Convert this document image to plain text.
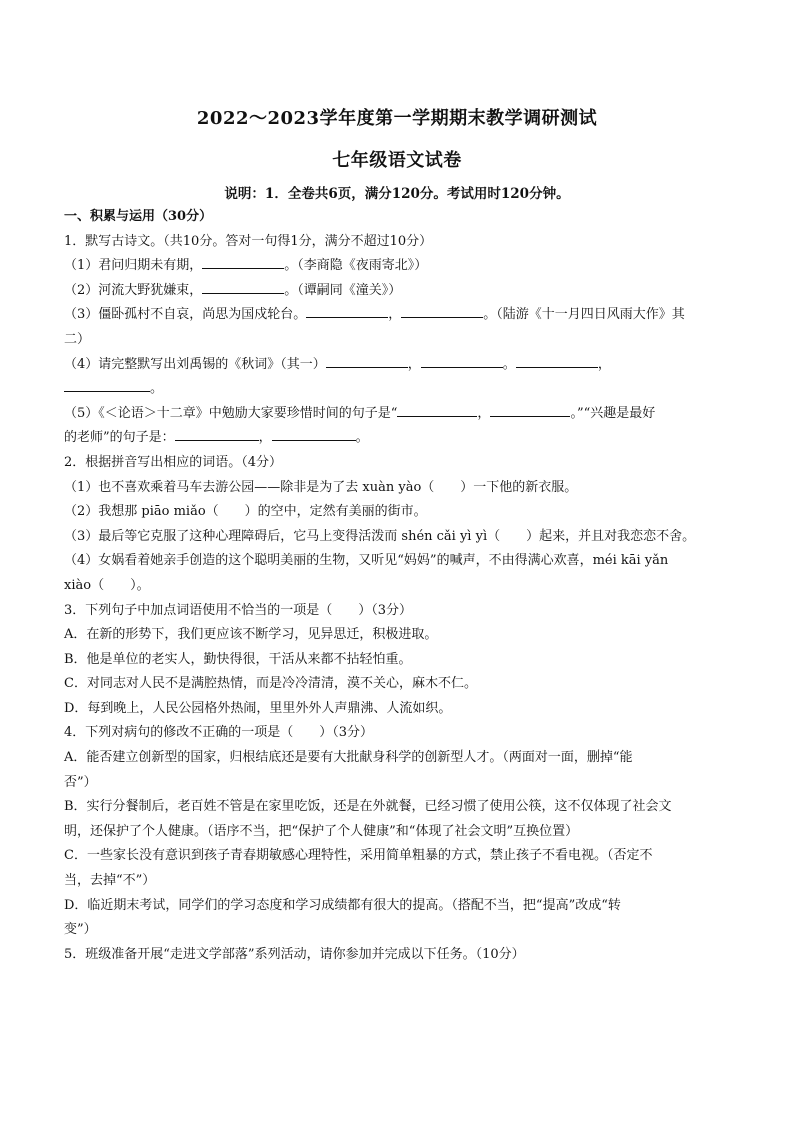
2022～2023学年度第一学期期末教学调研测试
七年级语文试卷
说明：1．全卷共6页，满分120分。考试用时120分钟。

一、积累与运用（30分）

1．默写古诗文。（共10分。答对一句得1分，满分不超过10分）

（1）君问归期未有期，	。（李商隐《夜雨寄北》）

（2）河流大野犹嫌束，	。（谭嗣同《潼关》）

（3）僵卧孤村不自哀，尚思为国戍轮台。	，	。（陆游《十一月四日风雨大作》其

二）

（4）请完整默写出刘禹锡的《秋词》（其一）	，	。	，

。

（5）《＜论语＞十二章》中勉励大家要珍惜时间的句子是“	，	。”“兴趣是最好

的老师”的句子是：	，	。

2．根据拼音写出相应的词语。（4分）

（1）也不喜欢乘着马车去游公园——除非是为了去 xuàn yào（　　）一下他的新衣服。

（2）我想那 piāo miǎo（　　）的空中，定然有美丽的街市。

（3）最后等它克服了这种心理障碍后，它马上变得活泼而 shén cǎi yì yì（　　）起来，并且对我恋恋不舍。

（4）女娲看着她亲手创造的这个聪明美丽的生物，又听见“妈妈”的喊声，不由得满心欢喜，méi kāi yǎn

xiào（　　）。

3．下列句子中加点词语使用不恰当的一项是（　　）（3分）

A．在新的形势下，我们更应该不断学习，见异思迁，积极进取。

B．他是单位的老实人，勤快得很，干活从来都不拈轻怕重。

C．对同志对人民不是满腔热情，而是冷冷清清，漠不关心，麻木不仁。

D．每到晚上，人民公园格外热闹，里里外外人声鼎沸、人流如织。

4．下列对病句的修改不正确的一项是（　　）（3分）

A．能否建立创新型的国家，归根结底还是要有大批献身科学的创新型人才。（两面对一面，删掉“能

否”）

B．实行分餐制后，老百姓不管是在家里吃饭，还是在外就餐，已经习惯了使用公筷，这不仅体现了社会文

明，还保护了个人健康。（语序不当，把“保护了个人健康”和“体现了社会文明”互换位置）

C．一些家长没有意识到孩子青春期敏感心理特性，采用简单粗暴的方式，禁止孩子不看电视。（否定不

当，去掉“不”）

D．临近期末考试，同学们的学习态度和学习成绩都有很大的提高。（搭配不当，把“提高”改成“转

变”）

5．班级准备开展“走进文学部落”系列活动，请你参加并完成以下任务。（10分）
